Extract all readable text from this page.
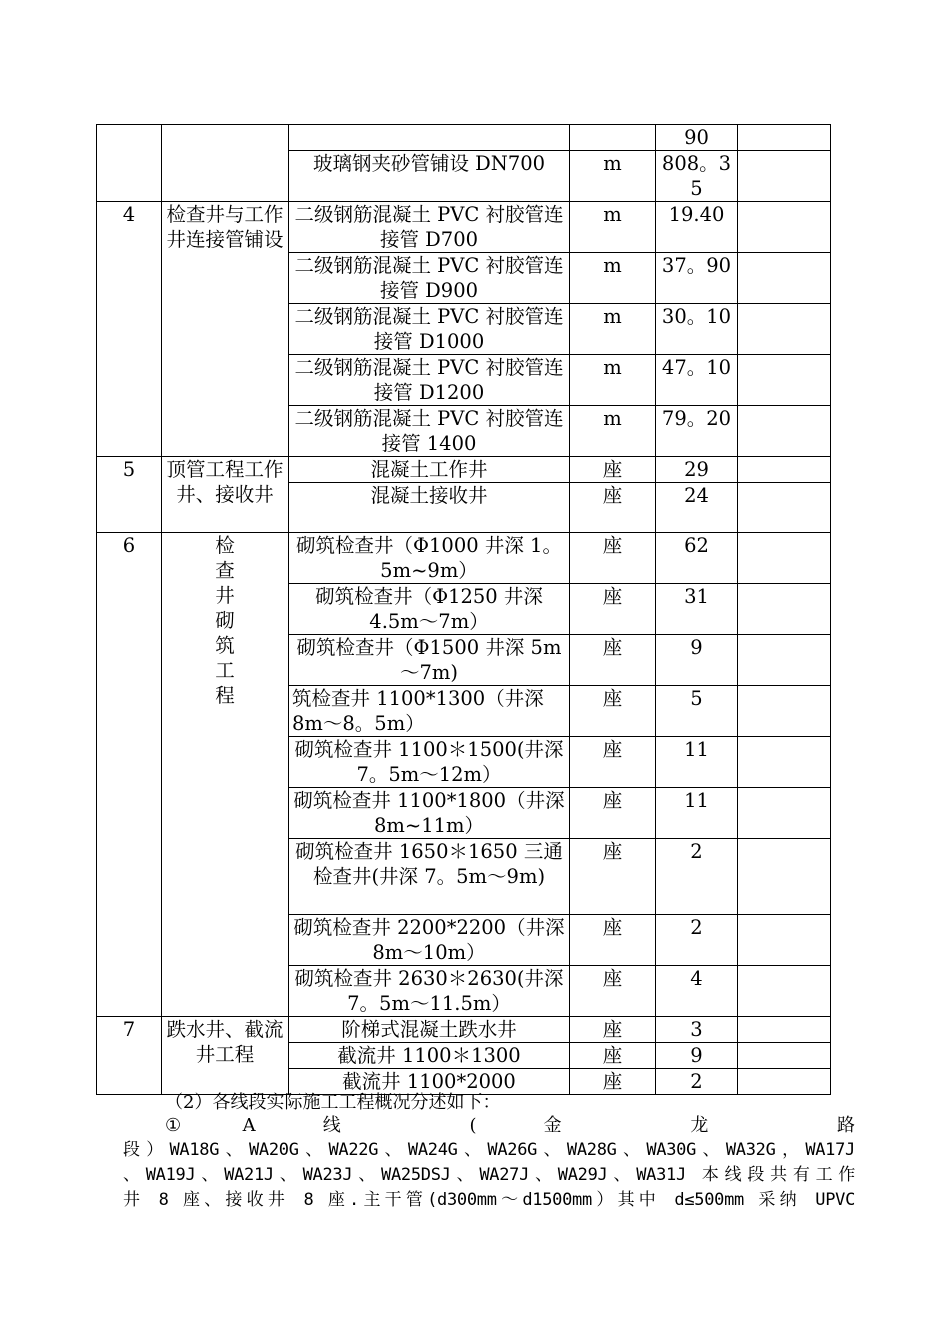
				90	
		玻璃钢夹砂管铺设 DN700	m	808。35	
4	检查井与工作井连接管铺设	二级钢筋混凝土 PVC 衬胶管连接管 D700	m	19.40	
		二级钢筋混凝土 PVC 衬胶管连接管 D900	m	37。90	
		二级钢筋混凝土 PVC 衬胶管连接管 D1000	m	30。10	
		二级钢筋混凝土 PVC 衬胶管连接管 D1200	m	47。10	
		二级钢筋混凝土 PVC 衬胶管连接管 1400	m	79。20	
5	顶管工程工作井、接收井	混凝土工作井	座	29	
		混凝土接收井	座	24	
6	检查井砌筑工程	砌筑检查井（Φ1000 井深 1。5m~9m）	座	62	
		砌筑检查井（Φ1250 井深 4.5m～7m）	座	31	
		砌筑检查井（Φ1500 井深 5m～7m)	座	9	
		筑检查井 1100*1300（井深 8m～8。5m）	座	5	
		砌筑检查井 1100＊1500(井深 7。5m～12m）	座	11	
		砌筑检查井 1100*1800（井深 8m~11m）	座	11	
		砌筑检查井 1650＊1650 三通检查井(井深 7。5m～9m)	座	2	
		砌筑检查井 2200*2200（井深 8m～10m）	座	2	
		砌筑检查井 2630＊2630(井深 7。5m～11.5m）	座	4	
7	跌水井、截流井工程	阶梯式混凝土跌水井	座	3	
		截流井 1100＊1300	座	9	
		截流井 1100*2000	座	2	
（2）各线段实际施工工程概况分述如下：
①A 线 ( 金 龙 路
段）WA18G、WA20G、WA22G、WA24G、WA26G、WA28G、WA30G、WA32G，WA17J
、WA19J、WA21J、WA23J、WA25DSJ、WA27J、WA29J、WA31J 本线段共有工作
井 8 座、接收井 8 座.主干管(d300mm～d1500mm）其中 d≤500mm 采纳 UPVC
